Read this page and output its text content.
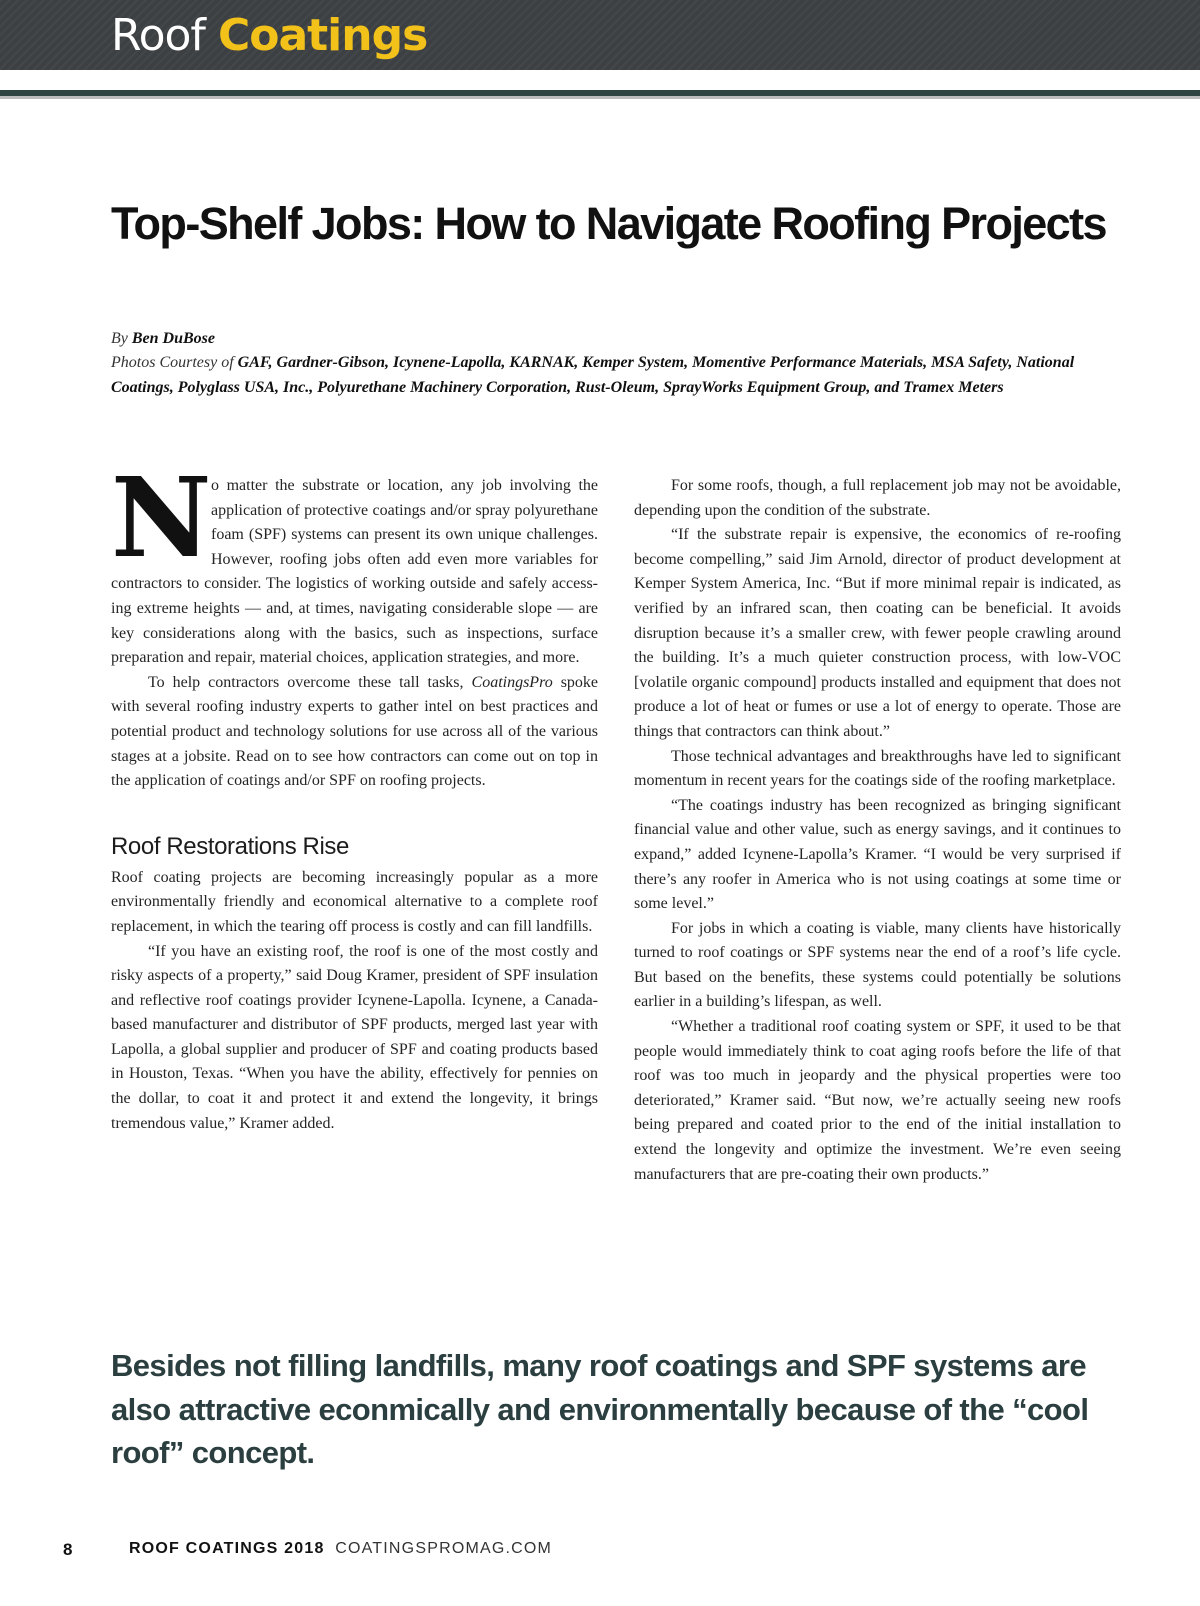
Roof Coatings
Top-Shelf Jobs: How to Navigate Roofing Projects
By Ben DuBose
Photos Courtesy of GAF, Gardner-Gibson, Icynene-Lapolla, KARNAK, Kemper System, Momentive Performance Materials, MSA Safety, National Coatings, Polyglass USA, Inc., Polyurethane Machinery Corporation, Rust-Oleum, SprayWorks Equipment Group, and Tramex Meters

No matter the substrate or location, any job involving the application of protective coatings and/or spray polyurethane foam (SPF) systems can present its own unique challenges. However, roofing jobs often add even more variables for contractors to consider. The logistics of working outside and safely accessing extreme heights — and, at times, navigating considerable slope — are key considerations along with the basics, such as inspections, surface preparation and repair, material choices, application strategies, and more.

To help contractors overcome these tall tasks, CoatingsPro spoke with several roofing industry experts to gather intel on best practices and potential product and technology solutions for use across all of the various stages at a jobsite. Read on to see how contractors can come out on top in the application of coatings and/or SPF on roofing projects.

Roof Restorations Rise

Roof coating projects are becoming increasingly popular as a more environmentally friendly and economical alternative to a complete roof replacement, in which the tearing off process is costly and can fill landfills.

“If you have an existing roof, the roof is one of the most costly and risky aspects of a property,” said Doug Kramer, president of SPF insulation and reflective roof coatings provider Icynene-Lapolla. Icynene, a Canada-based manufacturer and distributor of SPF products, merged last year with Lapolla, a global supplier and producer of SPF and coating products based in Houston, Texas. “When you have the ability, effectively for pennies on the dollar, to coat it and protect it and extend the longevity, it brings tremendous value,” Kramer added.

For some roofs, though, a full replacement job may not be avoidable, depending upon the condition of the substrate.

“If the substrate repair is expensive, the economics of re-roofing become compelling,” said Jim Arnold, director of product development at Kemper System America, Inc. “But if more minimal repair is indicated, as verified by an infrared scan, then coating can be beneficial. It avoids disruption because it’s a smaller crew, with fewer people crawling around the building. It’s a much quieter construction process, with low-VOC [volatile organic compound] products installed and equipment that does not produce a lot of heat or fumes or use a lot of energy to operate. Those are things that contractors can think about.”

Those technical advantages and breakthroughs have led to significant momentum in recent years for the coatings side of the roofing marketplace.

“The coatings industry has been recognized as bringing significant financial value and other value, such as energy savings, and it continues to expand,” added Icynene-Lapolla’s Kramer. “I would be very surprised if there’s any roofer in America who is not using coatings at some time or some level.”

For jobs in which a coating is viable, many clients have historically turned to roof coatings or SPF systems near the end of a roof’s life cycle. But based on the benefits, these systems could potentially be solutions earlier in a building’s lifespan, as well.

“Whether a traditional roof coating system or SPF, it used to be that people would immediately think to coat aging roofs before the life of that roof was too much in jeopardy and the physical properties were too deteriorated,” Kramer said. “But now, we’re actually seeing new roofs being prepared and coated prior to the end of the initial installation to extend the longevity and optimize the investment. We’re even seeing manufacturers that are pre-coating their own products.”

Besides not filling landfills, many roof coatings and SPF systems are also attractive econmically and environmentally because of the “cool roof” concept.

8	ROOF COATINGS 2018 COATINGSPROMAG.COM
